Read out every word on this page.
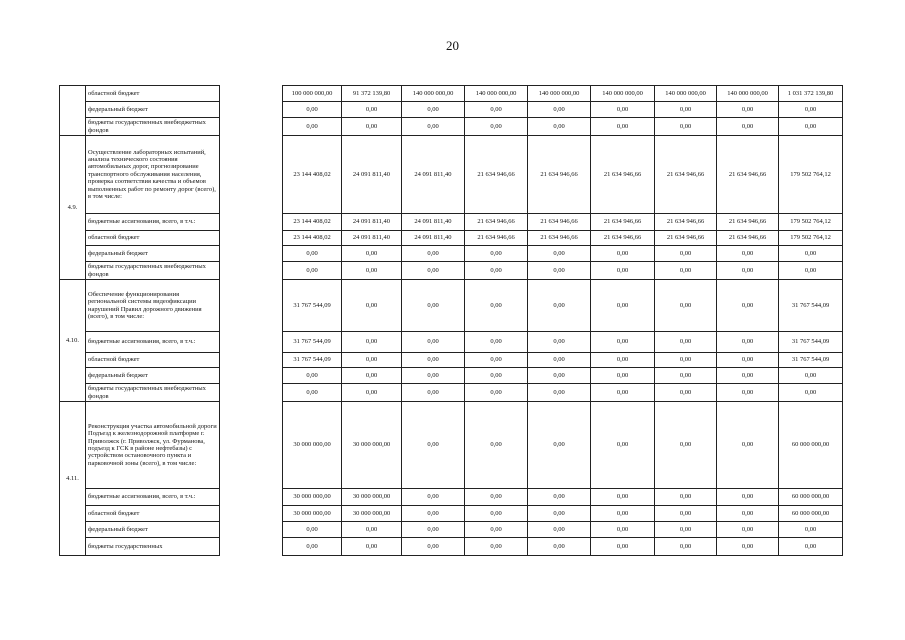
20
	областной бюджет		100 000 000,00	91 372 139,80	140 000 000,00	140 000 000,00	140 000 000,00	140 000 000,00	140 000 000,00	140 000 000,00	1 031 372 139,80
	федеральный бюджет		0,00	0,00	0,00	0,00	0,00	0,00	0,00	0,00	0,00
	бюджеты государственных внебюджетных фондов		0,00	0,00	0,00	0,00	0,00	0,00	0,00	0,00	0,00
4.9.	Осуществление лабораторных испытаний, анализа технического состояния автомобильных дорог, прогнозирование транспортного обслуживания населения, проверка соответствия качества и объемов выполненных работ по ремонту дорог (всего), в том числе:		23 144 408,02	24 091 811,40	24 091 811,40	21 634 946,66	21 634 946,66	21 634 946,66	21 634 946,66	21 634 946,66	179 502 764,12
	бюджетные ассигнования, всего, в т.ч.:		23 144 408,02	24 091 811,40	24 091 811,40	21 634 946,66	21 634 946,66	21 634 946,66	21 634 946,66	21 634 946,66	179 502 764,12
	областной бюджет		23 144 408,02	24 091 811,40	24 091 811,40	21 634 946,66	21 634 946,66	21 634 946,66	21 634 946,66	21 634 946,66	179 502 764,12
	федеральный бюджет		0,00	0,00	0,00	0,00	0,00	0,00	0,00	0,00	0,00
	бюджеты государственных внебюджетных фондов		0,00	0,00	0,00	0,00	0,00	0,00	0,00	0,00	0,00
4.10.	Обеспечение функционирования региональной системы видеофиксации нарушений Правил дорожного движения (всего), в том числе:		31 767 544,09	0,00	0,00	0,00	0,00	0,00	0,00	0,00	31 767 544,09
	бюджетные ассигнования, всего, в т.ч.:		31 767 544,09	0,00	0,00	0,00	0,00	0,00	0,00	0,00	31 767 544,09
	областной бюджет		31 767 544,09	0,00	0,00	0,00	0,00	0,00	0,00	0,00	31 767 544,09
	федеральный бюджет		0,00	0,00	0,00	0,00	0,00	0,00	0,00	0,00	0,00
	бюджеты государственных внебюджетных фондов		0,00	0,00	0,00	0,00	0,00	0,00	0,00	0,00	0,00
4.11.	Реконструкция участка автомобильной дороги Подъезд к железнодорожной платформе г. Приволжск (г. Приволжск, ул. Фурманова, подъезд к ГСК в районе нефтебазы) с устройством остановочного пункта и парковочной зоны (всего), в том числе:		30 000 000,00	30 000 000,00	0,00	0,00	0,00	0,00	0,00	0,00	60 000 000,00
	бюджетные ассигнования, всего, в т.ч.:		30 000 000,00	30 000 000,00	0,00	0,00	0,00	0,00	0,00	0,00	60 000 000,00
	областной бюджет		30 000 000,00	30 000 000,00	0,00	0,00	0,00	0,00	0,00	0,00	60 000 000,00
	федеральный бюджет		0,00	0,00	0,00	0,00	0,00	0,00	0,00	0,00	0,00
	бюджеты государственных		0,00	0,00	0,00	0,00	0,00	0,00	0,00	0,00	0,00
